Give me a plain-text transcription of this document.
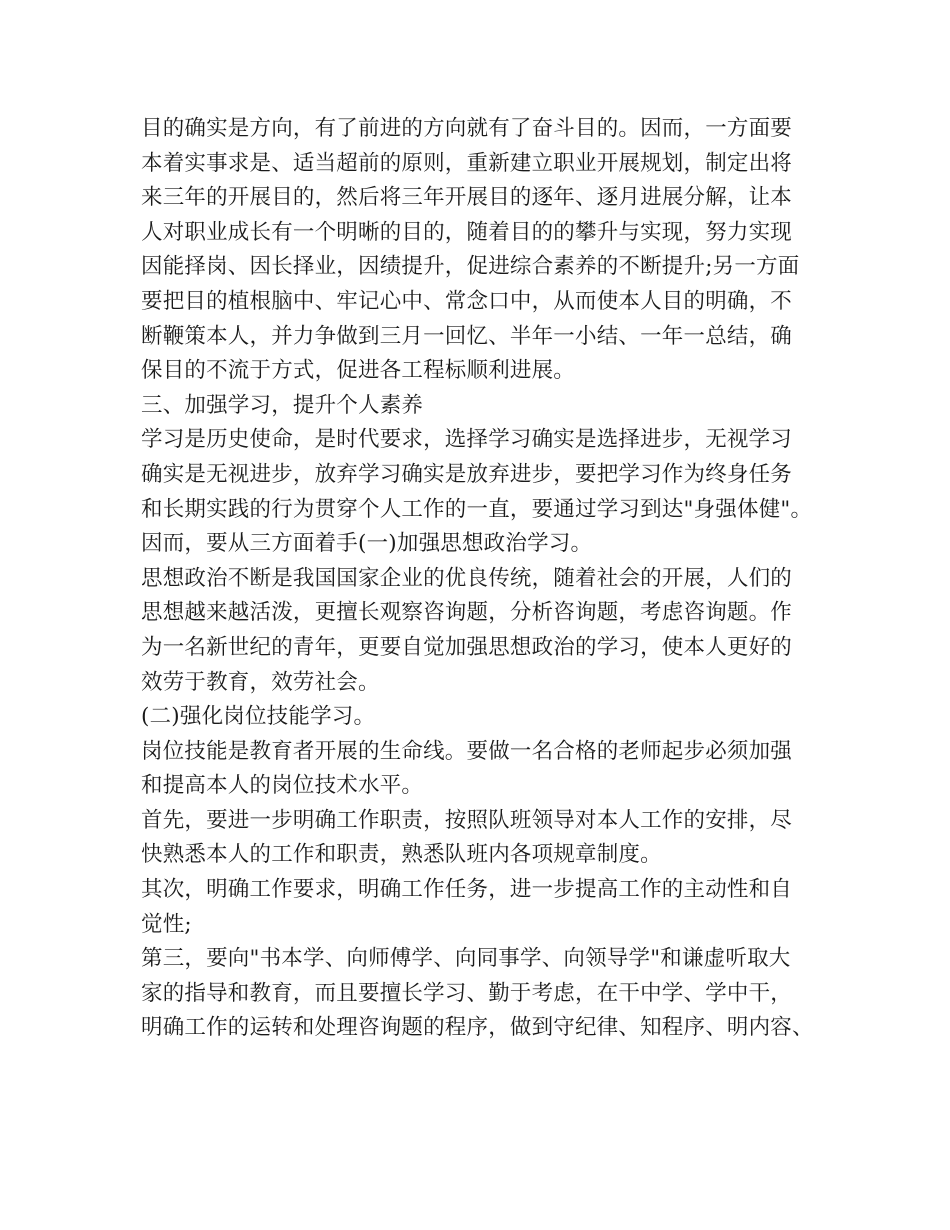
目的确实是方向，有了前进的方向就有了奋斗目的。因而，一方面要
本着实事求是、适当超前的原则，重新建立职业开展规划，制定出将
来三年的开展目的，然后将三年开展目的逐年、逐月进展分解，让本
人对职业成长有一个明晰的目的，随着目的的攀升与实现，努力实现
因能择岗、因长择业，因绩提升，促进综合素养的不断提升;另一方面
要把目的植根脑中、牢记心中、常念口中，从而使本人目的明确，不
断鞭策本人，并力争做到三月一回忆、半年一小结、一年一总结，确
保目的不流于方式，促进各工程标顺利进展。
三、加强学习，提升个人素养
学习是历史使命，是时代要求，选择学习确实是选择进步，无视学习
确实是无视进步，放弃学习确实是放弃进步，要把学习作为终身任务
和长期实践的行为贯穿个人工作的一直，要通过学习到达"身强体健"。
因而，要从三方面着手(一)加强思想政治学习。
思想政治不断是我国国家企业的优良传统，随着社会的开展，人们的
思想越来越活泼，更擅长观察咨询题，分析咨询题，考虑咨询题。作
为一名新世纪的青年，更要自觉加强思想政治的学习，使本人更好的
效劳于教育，效劳社会。
(二)强化岗位技能学习。
岗位技能是教育者开展的生命线。要做一名合格的老师起步必须加强
和提高本人的岗位技术水平。
首先，要进一步明确工作职责，按照队班领导对本人工作的安排，尽
快熟悉本人的工作和职责，熟悉队班内各项规章制度。
其次，明确工作要求，明确工作任务，进一步提高工作的主动性和自
觉性;
第三，要向"书本学、向师傅学、向同事学、向领导学"和谦虚听取大
家的指导和教育，而且要擅长学习、勤于考虑，在干中学、学中干，
明确工作的运转和处理咨询题的程序，做到守纪律、知程序、明内容、
